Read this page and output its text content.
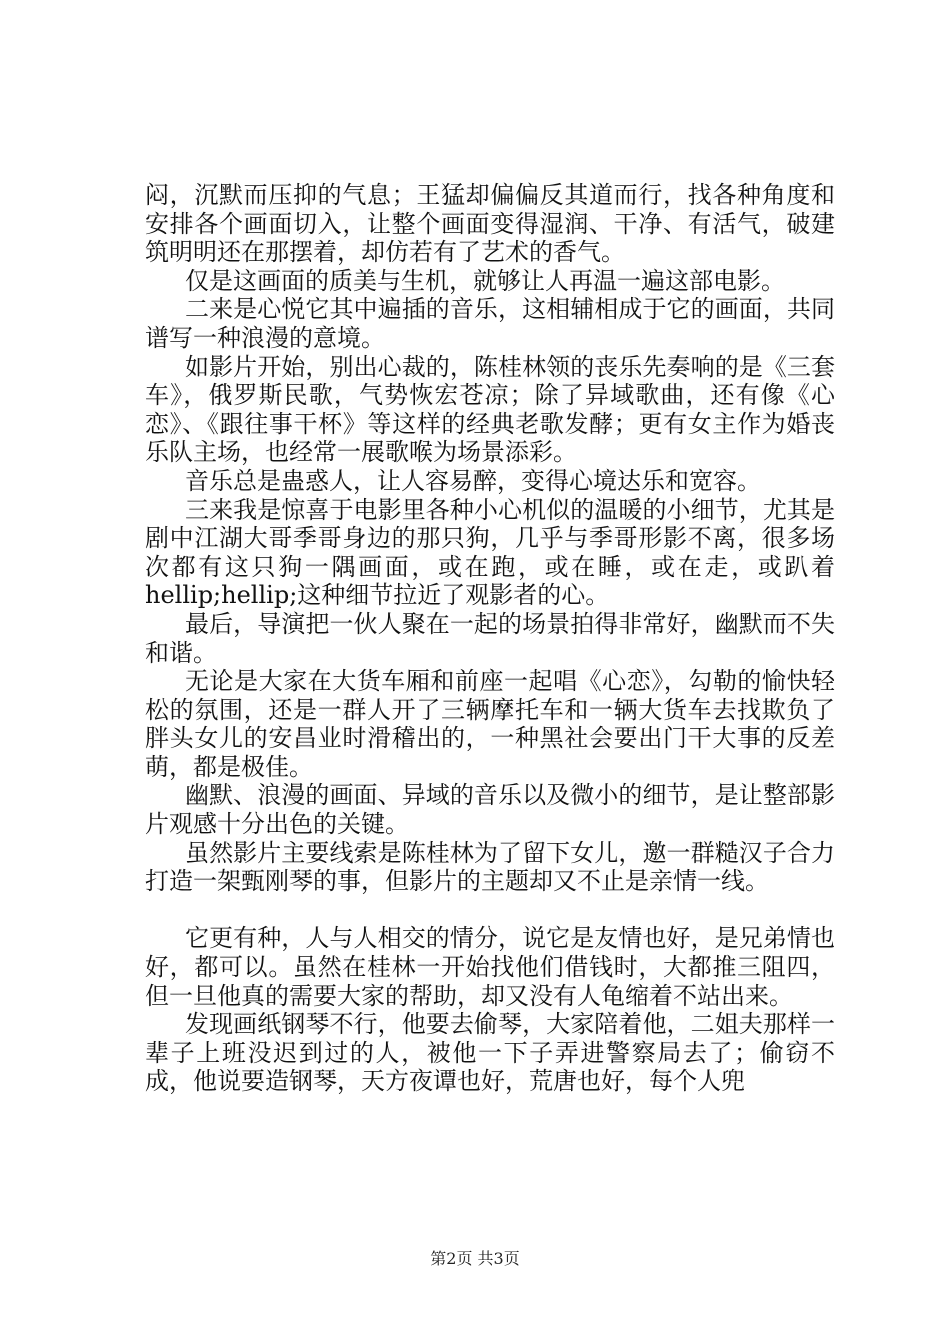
闷，沉默而压抑的气息；王猛却偏偏反其道而行，找各种角度和安排各个画面切入，让整个画面变得湿润、干净、有活气，破建筑明明还在那摆着，却仿若有了艺术的香气。

仅是这画面的质美与生机，就够让人再温一遍这部电影。

二来是心悦它其中遍插的音乐，这相辅相成于它的画面，共同谱写一种浪漫的意境。

如影片开始，别出心裁的，陈桂林领的丧乐先奏响的是《三套车》，俄罗斯民歌，气势恢宏苍凉；除了异域歌曲，还有像《心恋》、《跟往事干杯》等这样的经典老歌发酵；更有女主作为婚丧乐队主场，也经常一展歌喉为场景添彩。

音乐总是蛊惑人，让人容易醉，变得心境达乐和宽容。

三来我是惊喜于电影里各种小心机似的温暖的小细节，尤其是剧中江湖大哥季哥身边的那只狗，几乎与季哥形影不离，很多场次都有这只狗一隅画面，或在跑，或在睡，或在走，或趴着hellip;hellip;这种细节拉近了观影者的心。

最后，导演把一伙人聚在一起的场景拍得非常好，幽默而不失和谐。

无论是大家在大货车厢和前座一起唱《心恋》，勾勒的愉快轻松的氛围，还是一群人开了三辆摩托车和一辆大货车去找欺负了胖头女儿的安昌业时滑稽出的，一种黑社会要出门干大事的反差萌，都是极佳。

幽默、浪漫的画面、异域的音乐以及微小的细节，是让整部影片观感十分出色的关键。

虽然影片主要线索是陈桂林为了留下女儿，邀一群糙汉子合力打造一架甄刚琴的事，但影片的主题却又不止是亲情一线。

它更有种，人与人相交的情分，说它是友情也好，是兄弟情也好，都可以。虽然在桂林一开始找他们借钱时，大都推三阻四，但一旦他真的需要大家的帮助，却又没有人龟缩着不站出来。

发现画纸钢琴不行，他要去偷琴，大家陪着他，二姐夫那样一辈子上班没迟到过的人，被他一下子弄进警察局去了；偷窃不成，他说要造钢琴，天方夜谭也好，荒唐也好，每个人兜

第2页 共3页
